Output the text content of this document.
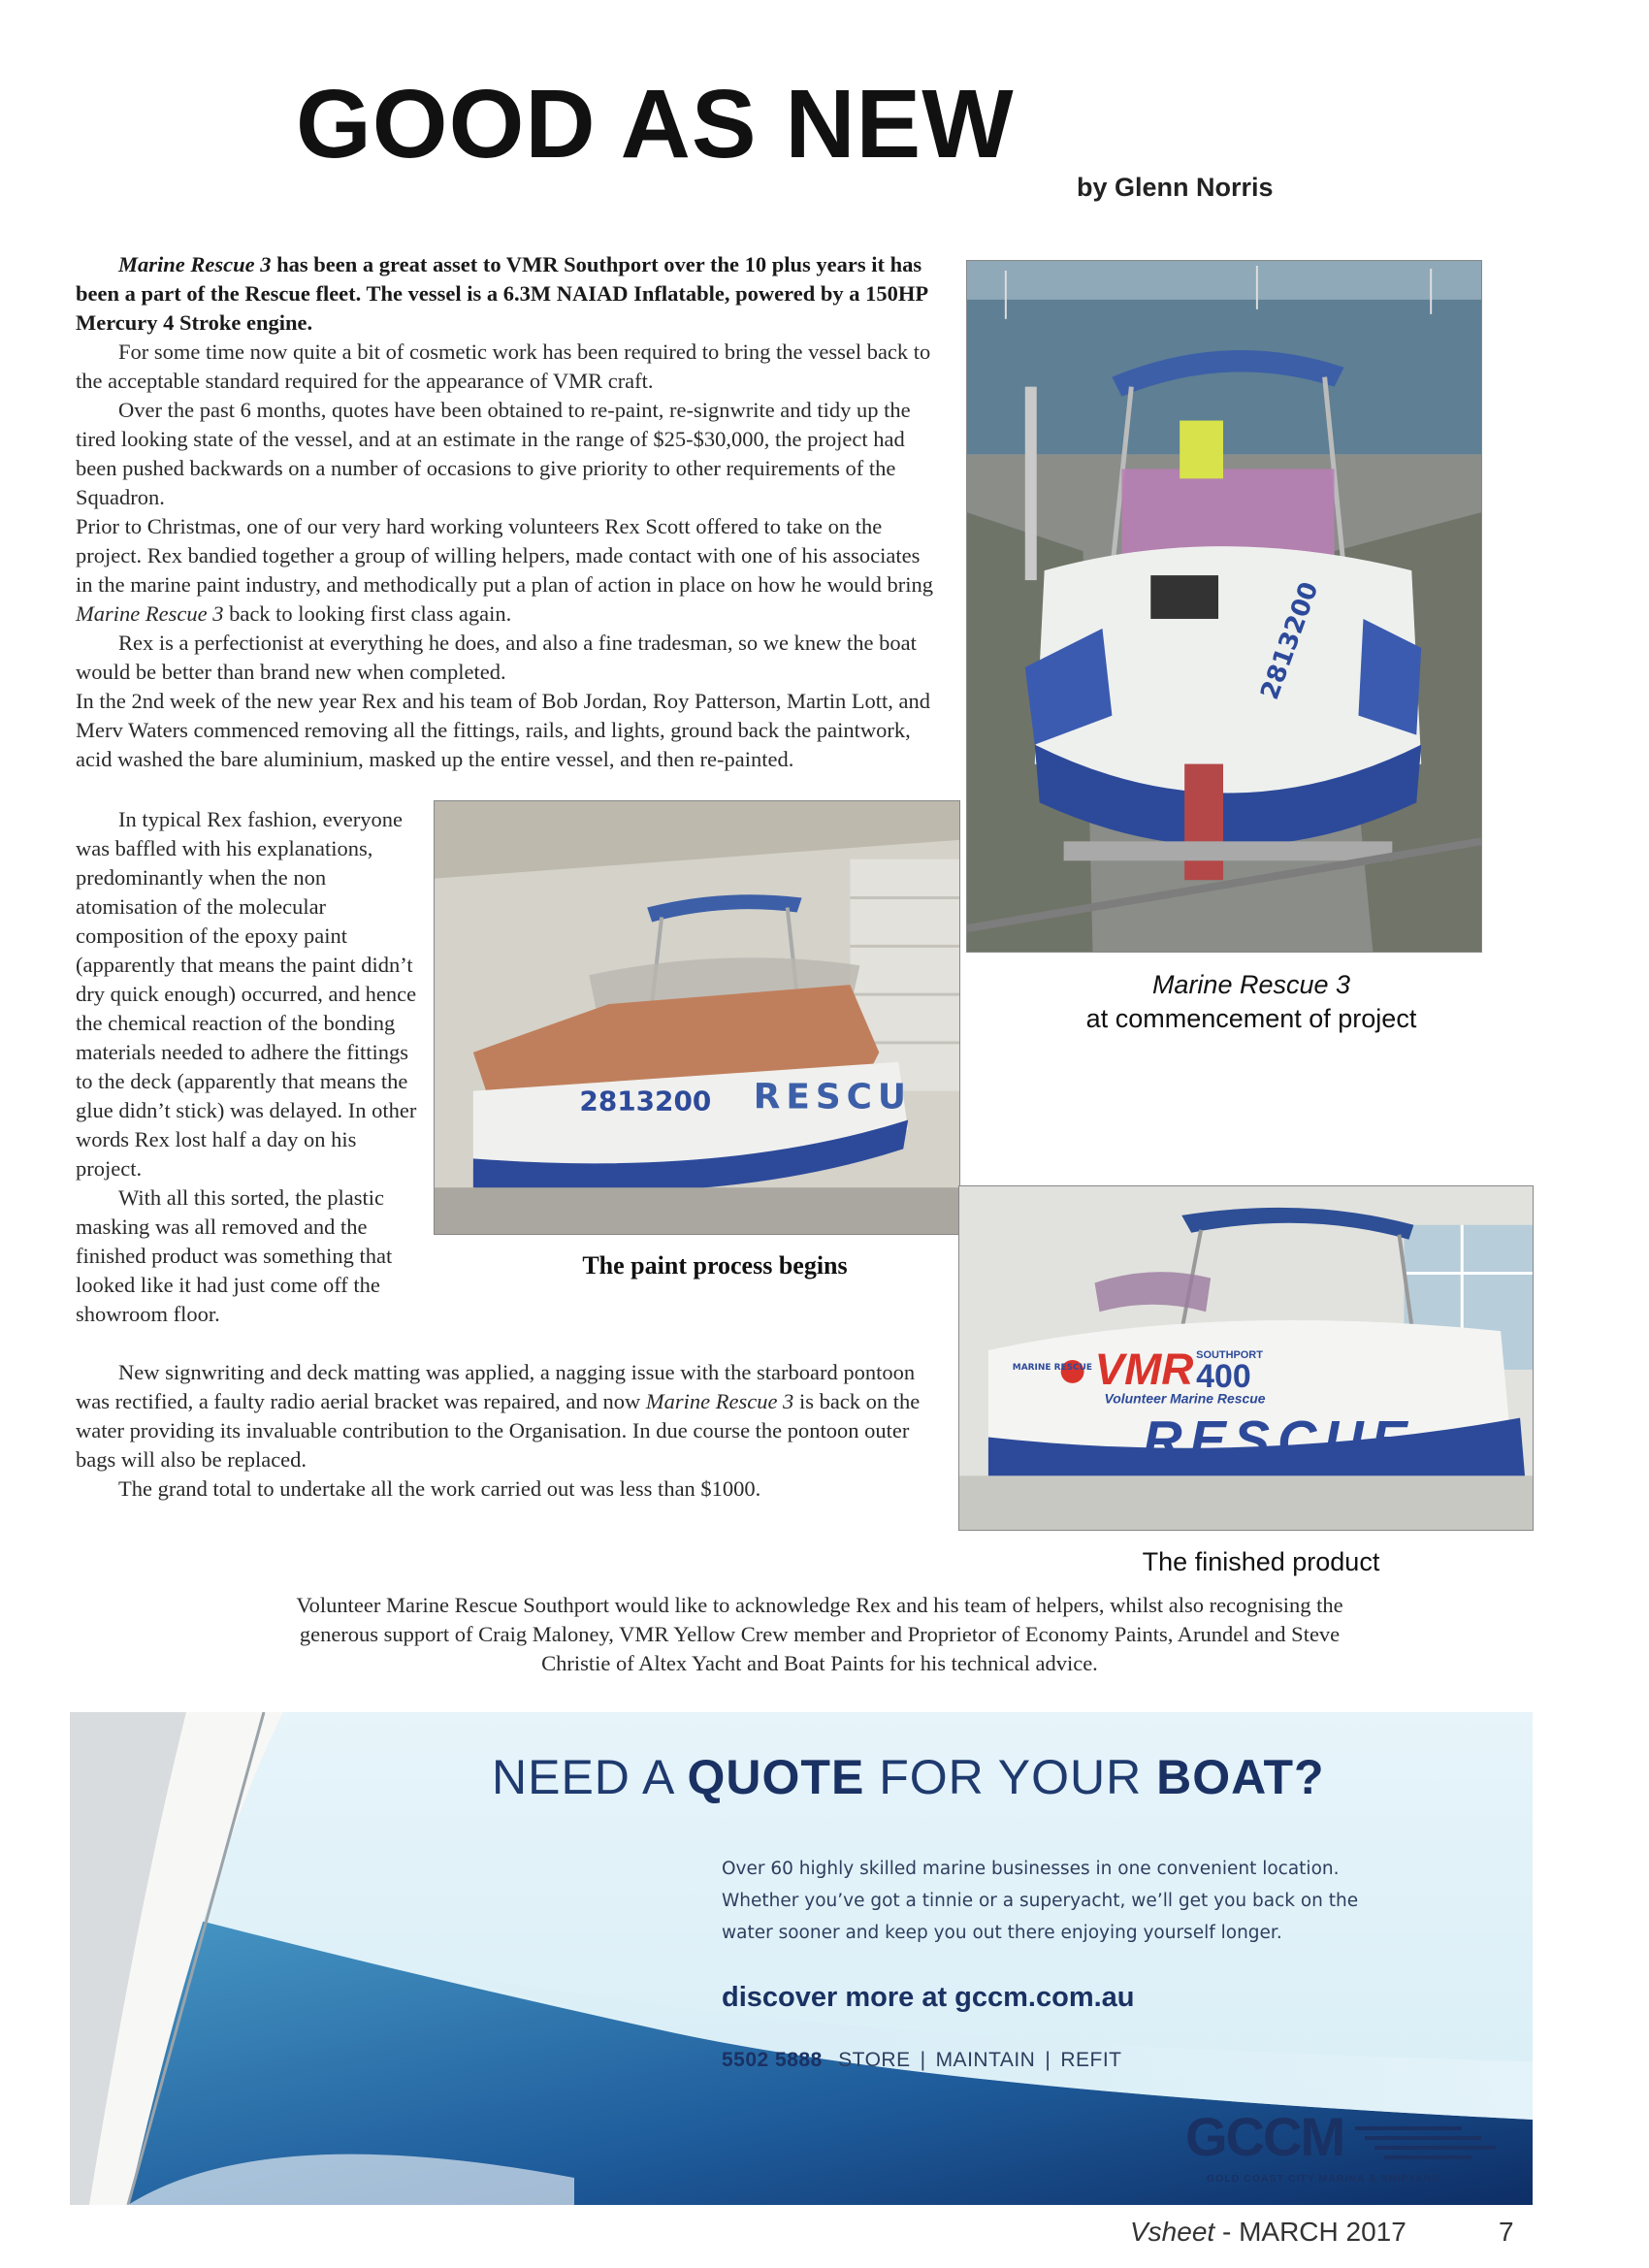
GOOD AS NEW
by Glenn Norris

Marine Rescue 3 has been a great asset to VMR Southport over the 10 plus years it has been a part of the Rescue fleet. The vessel is a 6.3M NAIAD Inflatable, powered by a 150HP Mercury 4 Stroke engine.

For some time now quite a bit of cosmetic work has been required to bring the vessel back to the acceptable standard required for the appearance of VMR craft.

Over the past 6 months, quotes have been obtained to re-paint, re-signwrite and tidy up the tired looking state of the vessel, and at an estimate in the range of $25-$30,000, the project had been pushed backwards on a number of occasions to give priority to other requirements of the Squadron.

Prior to Christmas, one of our very hard working volunteers Rex Scott offered to take on the project. Rex bandied together a group of willing helpers, made contact with one of his associates in the marine paint industry, and methodically put a plan of action in place on how he would bring Marine Rescue 3 back to looking first class again.

Rex is a perfectionist at everything he does, and also a fine tradesman, so we knew the boat would be better than brand new when completed.

In the 2nd week of the new year Rex and his team of Bob Jordan, Roy Patterson, Martin Lott, and Merv Waters commenced removing all the fittings, rails, and lights, ground back the paintwork, acid washed the bare aluminium, masked up the entire vessel, and then re-painted.

In typical Rex fashion, everyone was baffled with his explanations, predominantly when the non atomisation of the molecular composition of the epoxy paint (apparently that means the paint didn’t dry quick enough) occurred, and hence the chemical reaction of the bonding materials needed to adhere the fittings to the deck (apparently that means the glue didn’t stick) was delayed. In other words Rex lost half a day on his project.

With all this sorted, the plastic masking was all removed and the finished product was something that looked like it had just come off the showroom floor.

New signwriting and deck matting was applied, a nagging issue with the starboard pontoon was rectified, a faulty radio aerial bracket was repaired, and now Marine Rescue 3 is back on the water providing its invaluable contribution to the Organisation. In due course the pontoon outer bags will also be replaced.

The grand total to undertake all the work carried out was less than $1000.

2813200
Marine Rescue 3
at commencement of project
2813200 RESCU
The paint process begins
MARINE RESCUE VMR SOUTHPORT
400
Volunteer Marine Rescue
RESCUE
The finished product
Volunteer Marine Rescue Southport would like to acknowledge Rex and his team of helpers, whilst also recognising the generous support of Craig Maloney, VMR Yellow Crew member and Proprietor of Economy Paints, Arundel and Steve Christie of Altex Yacht and Boat Paints for his technical advice.
NEED A QUOTE FOR YOUR BOAT?
Over 60 highly skilled marine businesses in one convenient location. Whether you’ve got a tinnie or a superyacht, we’ll get you back on the water sooner and keep you out there enjoying yourself longer.
discover more at gccm.com.au
5502 5888 STORE | MAINTAIN | REFIT
GCCM
GOLD COAST CITY MARINA & SHIPYARD
Vsheet - MARCH 2017	7
